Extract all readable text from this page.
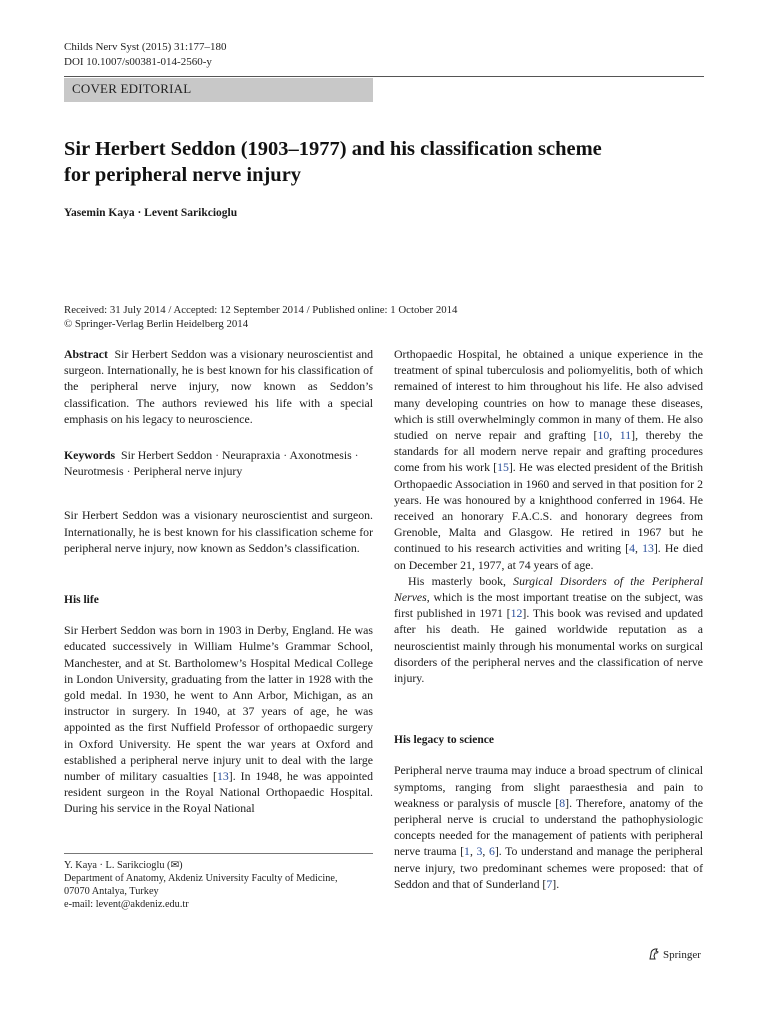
Childs Nerv Syst (2015) 31:177–180
DOI 10.1007/s00381-014-2560-y
COVER EDITORIAL
Sir Herbert Seddon (1903–1977) and his classification scheme
for peripheral nerve injury
Yasemin Kaya · Levent Sarikcioglu
Received: 31 July 2014 / Accepted: 12 September 2014 / Published online: 1 October 2014
© Springer-Verlag Berlin Heidelberg 2014

Abstract Sir Herbert Seddon was a visionary neuroscientist and surgeon. Internationally, he is best known for his classification of the peripheral nerve injury, now known as Seddon’s classification. The authors reviewed his life with a special emphasis on his legacy to neuroscience.

Keywords Sir Herbert Seddon · Neurapraxia · Axonotmesis · Neurotmesis · Peripheral nerve injury

Sir Herbert Seddon was a visionary neuroscientist and surgeon. Internationally, he is best known for his classification scheme for peripheral nerve injury, now known as Seddon’s classification.

His life

Sir Herbert Seddon was born in 1903 in Derby, England. He was educated successively in William Hulme’s Grammar School, Manchester, and at St. Bartholomew’s Hospital Medical College in London University, graduating from the latter in 1928 with the gold medal. In 1930, he went to Ann Arbor, Michigan, as an instructor in surgery. In 1940, at 37 years of age, he was appointed as the first Nuffield Professor of orthopaedic surgery in Oxford University. He spent the war years at Oxford and established a peripheral nerve injury unit to deal with the large number of military casualties [13]. In 1948, he was appointed resident surgeon in the Royal National Orthopaedic Hospital. During his service in the Royal National

Orthopaedic Hospital, he obtained a unique experience in the treatment of spinal tuberculosis and poliomyelitis, both of which remained of interest to him throughout his life. He also advised many developing countries on how to manage these diseases, which is still overwhelmingly common in many of them. He also studied on nerve repair and grafting [10, 11], thereby the standards for all modern nerve repair and grafting procedures come from his work [15]. He was elected president of the British Orthopaedic Association in 1960 and served in that position for 2 years. He was honoured by a knighthood conferred in 1964. He received an honorary F.A.C.S. and honorary degrees from Grenoble, Malta and Glasgow. He retired in 1967 but he continued to his research activities and writing [4, 13]. He died on December 21, 1977, at 74 years of age.

His masterly book, Surgical Disorders of the Peripheral Nerves, which is the most important treatise on the subject, was first published in 1971 [12]. This book was revised and updated after his death. He gained worldwide reputation as a neuroscientist mainly through his monumental works on surgical disorders of the peripheral nerves and the classification of nerve injury.

His legacy to science

Peripheral nerve trauma may induce a broad spectrum of clinical symptoms, ranging from slight paraesthesia and pain to weakness or paralysis of muscle [8]. Therefore, anatomy of the peripheral nerve is crucial to understand the pathophysiologic concepts needed for the management of patients with peripheral nerve trauma [1, 3, 6]. To understand and manage the peripheral nerve injury, two predominant schemes were proposed: that of Seddon and that of Sunderland [7].

Y. Kaya · L. Sarikcioglu (✉)
Department of Anatomy, Akdeniz University Faculty of Medicine,
07070 Antalya, Turkey
e-mail: levent@akdeniz.edu.tr
Springer
